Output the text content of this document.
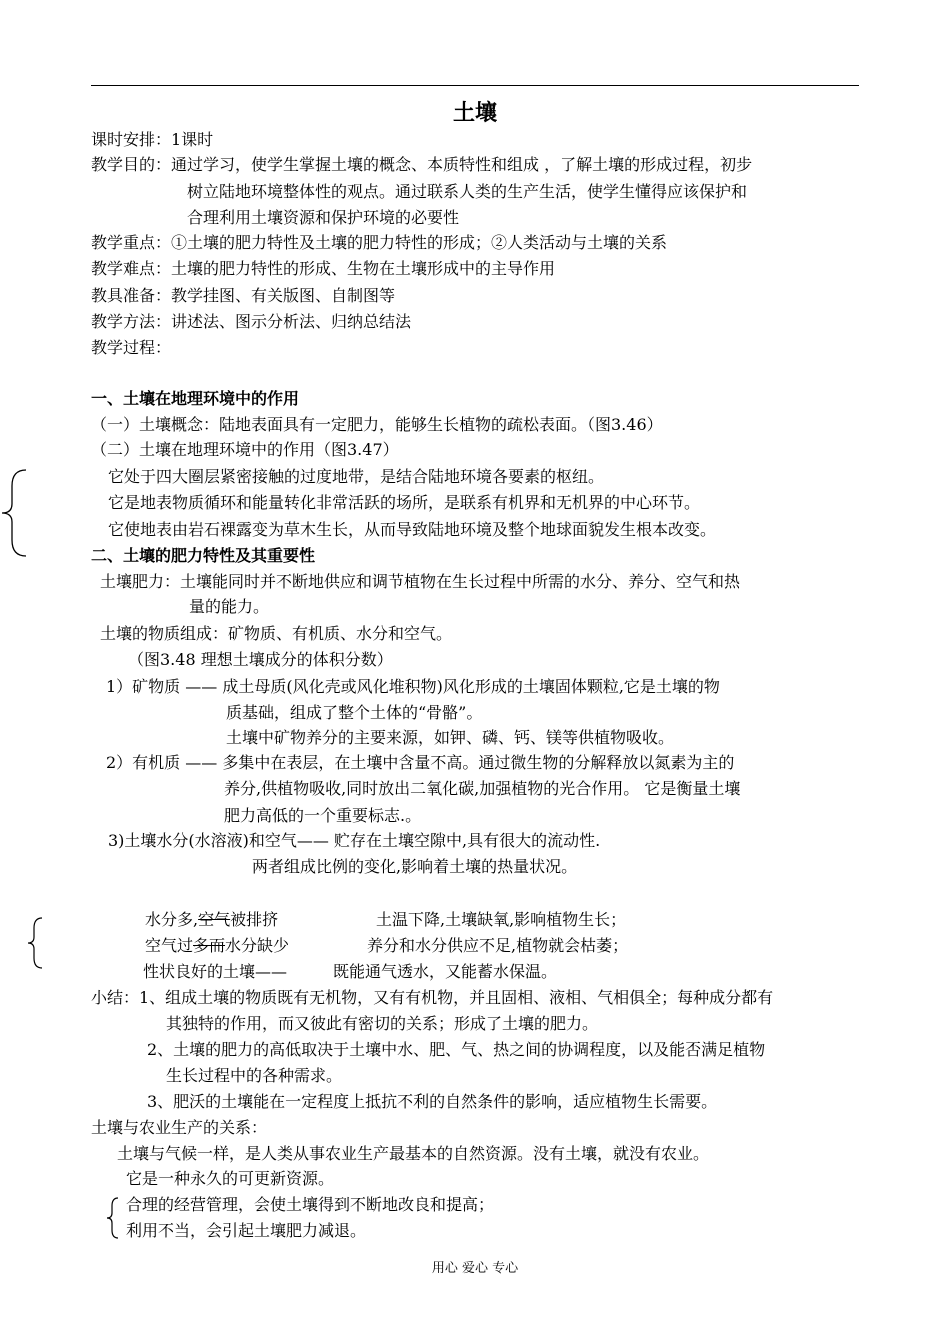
土壤
课时安排：1课时
教学目的：通过学习，使学生掌握土壤的概念、本质特性和组成 ，了解土壤的形成过程，初步
树立陆地环境整体性的观点。通过联系人类的生产生活，使学生懂得应该保护和
合理利用土壤资源和保护环境的必要性
教学重点：①土壤的肥力特性及土壤的肥力特性的形成；②人类活动与土壤的关系
教学难点：土壤的肥力特性的形成、生物在土壤形成中的主导作用
教具准备：教学挂图、有关版图、自制图等
教学方法：讲述法、图示分析法、归纳总结法
教学过程：
一、土壤在地理环境中的作用
（一）土壤概念：陆地表面具有一定肥力，能够生长植物的疏松表面。（图3.46）
（二）土壤在地理环境中的作用（图3.47）
它处于四大圈层紧密接触的过度地带，是结合陆地环境各要素的枢纽。
它是地表物质循环和能量转化非常活跃的场所，是联系有机界和无机界的中心环节。
它使地表由岩石裸露变为草木生长，从而导致陆地环境及整个地球面貌发生根本改变。
二、土壤的肥力特性及其重要性
土壤肥力：土壤能同时并不断地供应和调节植物在生长过程中所需的水分、养分、空气和热
量的能力。
土壤的物质组成：矿物质、有机质、水分和空气。
（图3.48 理想土壤成分的体积分数）
1）矿物质 —— 成土母质(风化壳或风化堆积物)风化形成的土壤固体颗粒,它是土壤的物
质基础，组成了整个土体的“骨骼”。
土壤中矿物养分的主要来源，如钾、磷、钙、镁等供植物吸收。
2）有机质 —— 多集中在表层，在土壤中含量不高。通过微生物的分解释放以氮素为主的
养分,供植物吸收,同时放出二氧化碳,加强植物的光合作用。 它是衡量土壤
肥力高低的一个重要标志.。
3)土壤水分(水溶液)和空气—— 贮存在土壤空隙中,具有很大的流动性.
两者组成比例的变化,影响着土壤的热量状况。
水分多,空气被排挤	土温下降,土壤缺氧,影响植物生长；
空气过多而水分缺少	养分和水分供应不足,植物就会枯萎；
性状良好的土壤——	既能通气透水，又能蓄水保温。
小结：1、组成土壤的物质既有无机物，又有有机物，并且固相、液相、气相俱全；每种成分都有
其独特的作用，而又彼此有密切的关系；形成了土壤的肥力。
2、土壤的肥力的高低取决于土壤中水、肥、气、热之间的协调程度，以及能否满足植物
生长过程中的各种需求。
3、肥沃的土壤能在一定程度上抵抗不利的自然条件的影响，适应植物生长需要。
土壤与农业生产的关系：
土壤与气候一样，是人类从事农业生产最基本的自然资源。没有土壤，就没有农业。
它是一种永久的可更新资源。
合理的经营管理，会使土壤得到不断地改良和提高；
利用不当，会引起土壤肥力减退。
用心 爱心 专心
